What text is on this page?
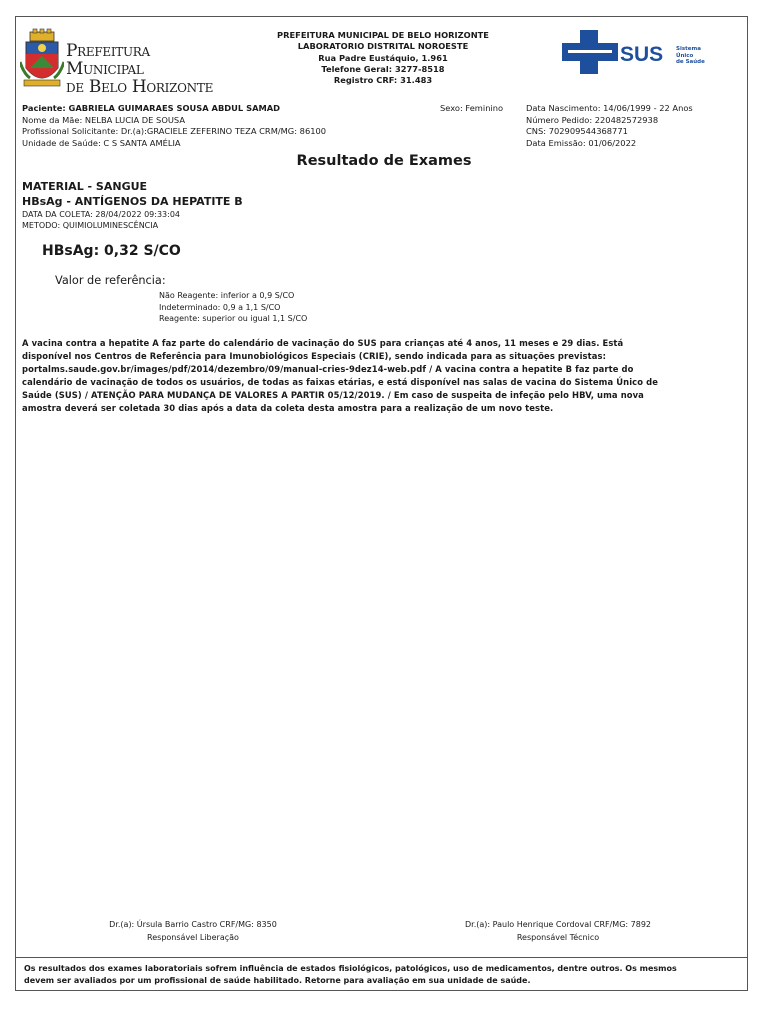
Prefeitura Municipal
de Belo Horizonte
PREFEITURA MUNICIPAL DE BELO HORIZONTE
LABORATORIO DISTRITAL NOROESTE
Rua Padre Eustáquio, 1.961
Telefone Geral: 3277-8518
Registro CRF: 31.483
SUS Sistema
Único
de Saúde
Paciente: GABRIELA GUIMARAES SOUSA ABDUL SAMAD
Nome da Mãe: NELBA LUCIA DE SOUSA
Profissional Solicitante: Dr.(a):GRACIELE ZEFERINO TEZA CRM/MG: 86100
Unidade de Saúde: C S SANTA AMÉLIA
Sexo: Feminino	Data Nascimento: 14/06/1999 - 22 Anos
Número Pedido: 220482572938
CNS: 702909544368771
Data Emissão: 01/06/2022
Resultado de Exames
MATERIAL - SANGUE
HBsAg - ANTÍGENOS DA HEPATITE B
DATA DA COLETA: 28/04/2022 09:33:04
METODO: QUIMIOLUMINESCÊNCIA
HBsAg: 0,32 S/CO
Valor de referência:
Não Reagente: inferior a 0,9 S/CO
Indeterminado: 0,9 a 1,1 S/CO
Reagente: superior ou igual 1,1 S/CO
A vacina contra a hepatite A faz parte do calendário de vacinação do SUS para crianças até 4 anos, 11 meses e 29 dias. Está
disponível nos Centros de Referência para Imunobiológicos Especiais (CRIE), sendo indicada para as situações previstas:
portalms.saude.gov.br/images/pdf/2014/dezembro/09/manual-cries-9dez14-web.pdf / A vacina contra a hepatite B faz parte do
calendário de vacinação de todos os usuários, de todas as faixas etárias, e está disponível nas salas de vacina do Sistema Único de
Saúde (SUS) / ATENÇÃO PARA MUDANÇA DE VALORES A PARTIR 05/12/2019. / Em caso de suspeita de infeção pelo HBV, uma nova
amostra deverá ser coletada 30 dias após a data da coleta desta amostra para a realização de um novo teste.
Dr.(a): Úrsula Barrio Castro CRF/MG: 8350
Responsável Liberação
Dr.(a): Paulo Henrique Cordoval CRF/MG: 7892
Responsável Técnico
Os resultados dos exames laboratoriais sofrem influência de estados fisiológicos, patológicos, uso de medicamentos, dentre outros. Os mesmos
devem ser avaliados por um profissional de saúde habilitado. Retorne para avaliação em sua unidade de saúde.
